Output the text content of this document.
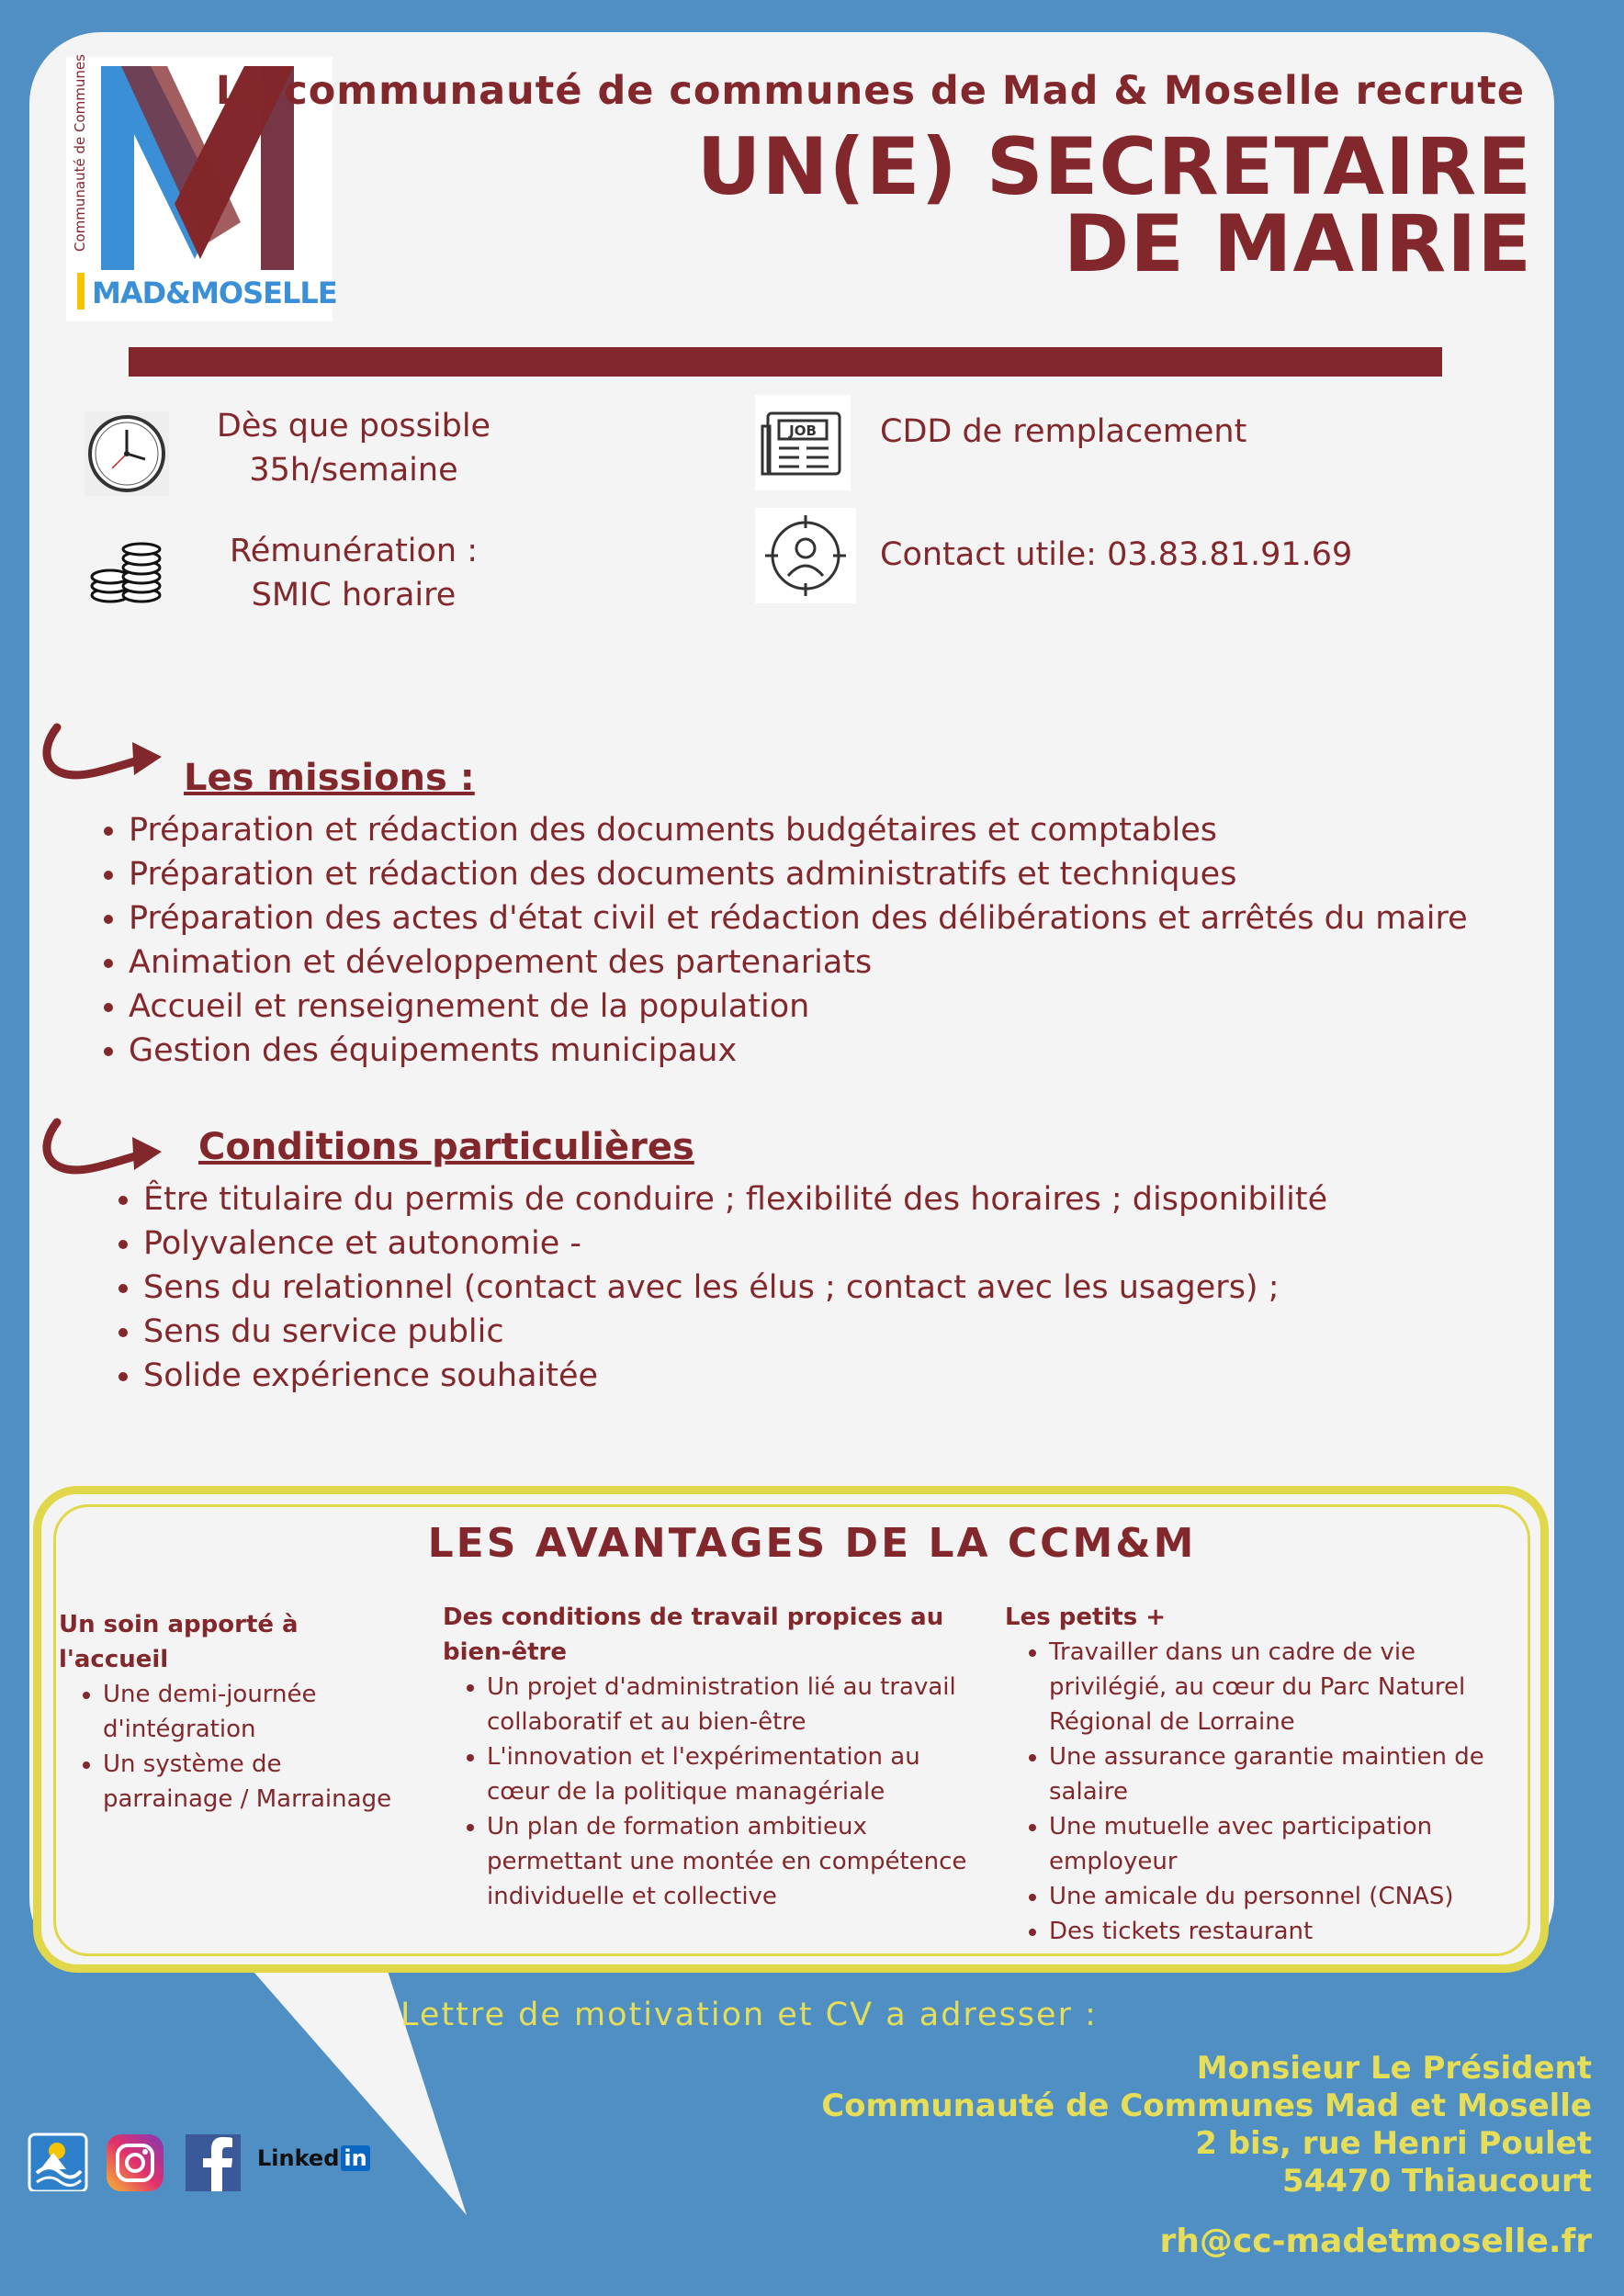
Communauté de Communes
MAD&MOSELLE
La communauté de communes de Mad & Moselle recrute
UN(E) SECRETAIRE
DE MAIRIE
Dès que possible
35h/semaine
JOB CDD de remplacement
Rémunération :
SMIC horaire
Contact utile: 03.83.81.91.69
Les missions :
• Préparation et rédaction des documents budgétaires et comptables
• Préparation et rédaction des documents administratifs et techniques
• Préparation des actes d'état civil et rédaction des délibérations et arrêtés du maire
• Animation et développement des partenariats
• Accueil et renseignement de la population
• Gestion des équipements municipaux
Conditions particulières
• Être titulaire du permis de conduire ; flexibilité des horaires ; disponibilité
• Polyvalence et autonomie -
• Sens du relationnel (contact avec les élus ; contact avec les usagers) ;
• Sens du service public
• Solide expérience souhaitée
LES AVANTAGES DE LA CCM&M
Un soin apporté à l'accueil
• Une demi-journée d'intégration
• Un système de parrainage / Marrainage
Des conditions de travail propices au bien-être
• Un projet d'administration lié au travail collaboratif et au bien-être
• L'innovation et l'expérimentation au cœur de la politique managériale
• Un plan de formation ambitieux permettant une montée en compétence individuelle et collective
Les petits +
• Travailler dans un cadre de vie privilégié, au cœur du Parc Naturel Régional de Lorraine
• Une assurance garantie maintien de salaire
• Une mutuelle avec participation employeur
• Une amicale du personnel (CNAS)
• Des tickets restaurant
Lettre de motivation et CV a adresser :
Monsieur Le Président
Communauté de Communes Mad et Moselle
2 bis, rue Henri Poulet
54470 Thiaucourt
rh@cc-madetmoselle.fr
Linked in
